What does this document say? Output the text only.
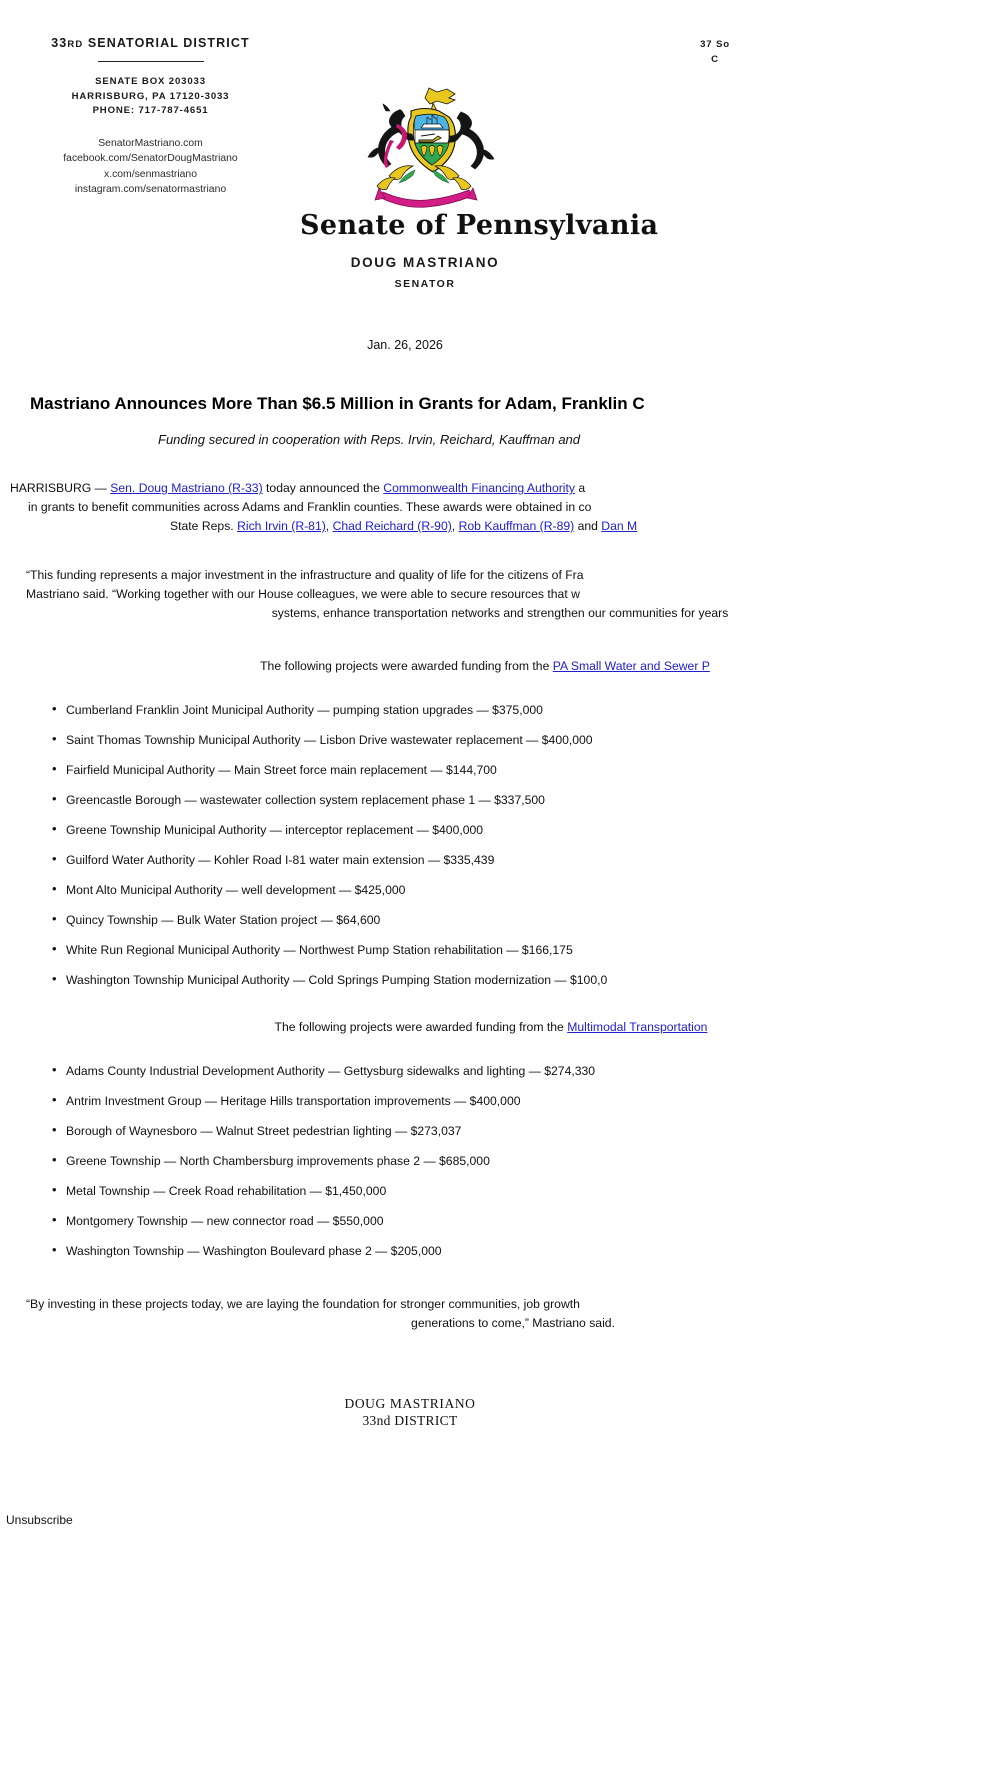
33RD SENATORIAL DISTRICT
SENATE BOX 203033
HARRISBURG, PA 17120-3033
PHONE: 717-787-4651
SenatorMastriano.com
facebook.com/SenatorDougMastriano
x.com/senmastriano
instagram.com/senatormastriano
37 So
C
Senate of Pennsylvania
DOUG MASTRIANO
SENATOR
Jan. 26, 2026
Mastriano Announces More Than $6.5 Million in Grants for Adam, Franklin C
Funding secured in cooperation with Reps. Irvin, Reichard, Kauffman and
HARRISBURG — Sen. Doug Mastriano (R-33) today announced the Commonwealth Financing Authority a
in grants to benefit communities across Adams and Franklin counties. These awards were obtained in co
State Reps. Rich Irvin (R-81), Chad Reichard (R-90), Rob Kauffman (R-89) and Dan M
“This funding represents a major investment in the infrastructure and quality of life for the citizens of Fra
Mastriano said. “Working together with our House colleagues, we were able to secure resources that w
systems, enhance transportation networks and strengthen our communities for years
The following projects were awarded funding from the PA Small Water and Sewer P
• Cumberland Franklin Joint Municipal Authority — pumping station upgrades — $375,000
• Saint Thomas Township Municipal Authority — Lisbon Drive wastewater replacement — $400,000
• Fairfield Municipal Authority — Main Street force main replacement — $144,700
• Greencastle Borough — wastewater collection system replacement phase 1 — $337,500
• Greene Township Municipal Authority — interceptor replacement — $400,000
• Guilford Water Authority — Kohler Road I-81 water main extension — $335,439
• Mont Alto Municipal Authority — well development — $425,000
• Quincy Township — Bulk Water Station project — $64,600
• White Run Regional Municipal Authority — Northwest Pump Station rehabilitation — $166,175
• Washington Township Municipal Authority — Cold Springs Pumping Station modernization — $100,0
The following projects were awarded funding from the Multimodal Transportation
• Adams County Industrial Development Authority — Gettysburg sidewalks and lighting — $274,330
• Antrim Investment Group — Heritage Hills transportation improvements — $400,000
• Borough of Waynesboro — Walnut Street pedestrian lighting — $273,037
• Greene Township — North Chambersburg improvements phase 2 — $685,000
• Metal Township — Creek Road rehabilitation — $1,450,000
• Montgomery Township — new connector road — $550,000
• Washington Township — Washington Boulevard phase 2 — $205,000
“By investing in these projects today, we are laying the foundation for stronger communities, job growth
generations to come,” Mastriano said.
DOUG MASTRIANO
33nd DISTRICT
Unsubscribe
